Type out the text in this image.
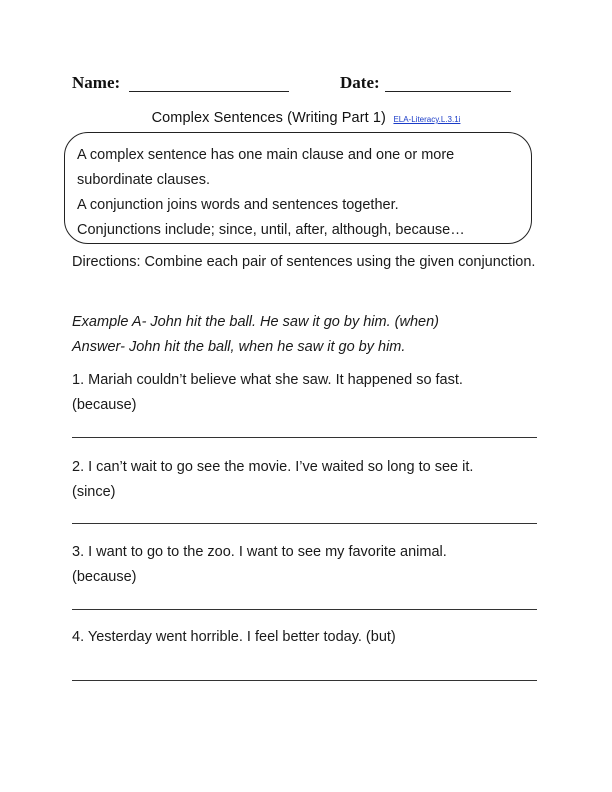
Name:	Date:
Complex Sentences (Writing Part 1) ELA-Literacy.L.3.1i
A complex sentence has one main clause and one or more
subordinate clauses.
A conjunction joins words and sentences together.
Conjunctions include; since, until, after, although, because…
Directions: Combine each pair of sentences using the given conjunction.
Example A- John hit the ball. He saw it go by him. (when)
Answer- John hit the ball, when he saw it go by him.
1. Mariah couldn’t believe what she saw. It happened so fast.
(because)
2. I can’t wait to go see the movie. I’ve waited so long to see it.
(since)
3. I want to go to the zoo. I want to see my favorite animal.
(because)
4. Yesterday went horrible. I feel better today. (but)
